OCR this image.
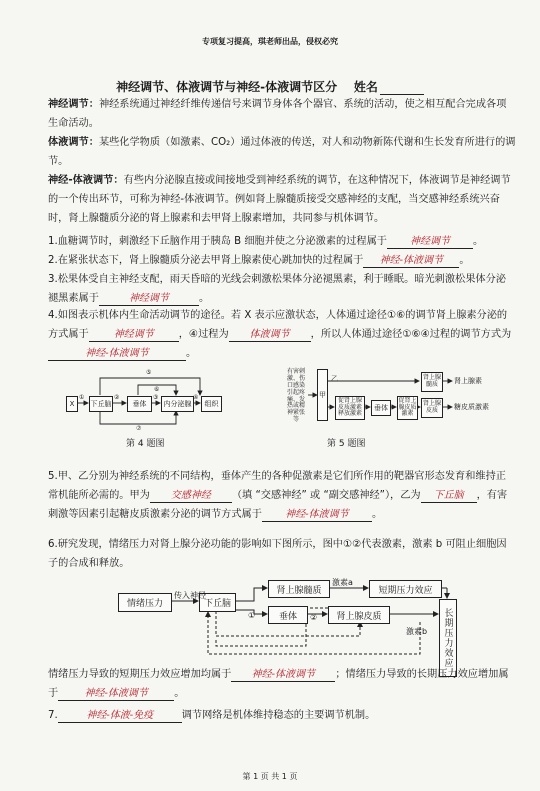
专项复习提高，琪老师出品，侵权必究
神经调节、体液调节与神经-体液调节区分 姓名
神经调节：神经系统通过神经纤维传递信号来调节身体各个器官、系统的活动，使之相互配合完成各项生命活动。
体液调节：某些化学物质（如激素、CO₂）通过体液的传送，对人和动物新陈代谢和生长发育所进行的调节。
神经-体液调节：有些内分泌腺直接或间接地受到神经系统的调节，在这种情况下，体液调节是神经调节的一个传出环节，可称为神经-体液调节。例如肾上腺髓质接受交感神经的支配，当交感神经系统兴奋时，肾上腺髓质分泌的肾上腺素和去甲肾上腺素增加，共同参与机体调节。
1.血糖调节时，刺激经下丘脑作用于胰岛 B 细胞并使之分泌激素的过程属于 神经调节 。
2.在紧张状态下，肾上腺髓质分泌去甲肾上腺素使心跳加快的过程属于 神经-体液调节 。
3.松果体受自主神经支配，雨天昏暗的光线会刺激松果体分泌褪黑素，利于睡眠。暗光刺激松果体分泌褪黑素属于	神经调节	。
4.如图表示机体内生命活动调节的途径。若 X 表示应激状态，人体通过途径①⑥的调节肾上腺素分泌的方式属于	神经调节 ，④过程为 体液调节 ，所以人体通过途径①⑥④过程的调节方式为神经-体液调节	。
X	下丘脑	垂体	内分泌腺	组织
①	②	③	④
⑤
⑥
⑦
第 4 题图
有害刺激、伤口感染引起疼痛、发热或精神紧张等
甲
促肾上腺皮质激素释放激素
垂体
促肾上腺皮质激素
肾上腺髓质
肾上腺皮质
乙	肾上腺素
糖皮质激素
第 5 题图
5.甲、乙分别为神经系统的不同结构，垂体产生的各种促激素是它们所作用的靶器官形态发育和维持正常机能所必需的。甲为 交感神经 （填 “交感神经” 或 “副交感神经”），乙为 下丘脑 ，有害刺激等因素引起糖皮质激素分泌的调节方式属于 神经-体液调节 。
6.研究发现，情绪压力对肾上腺分泌功能的影响如下图所示，图中①②代表激素，激素 b 可阻止细胞因子的合成和释放。
情绪压力	下丘脑
肾上腺髓质	短期压力效应
垂体	肾上腺皮质	长期压力效应
传入神经
激素a
激素b
①	②
情绪压力导致的短期压力效应增加均属于 神经-体液调节 ；情绪压力导致的长期压力效应增加属于	神经-体液调节	。
7.	神经-体液-免疫	调节网络是机体维持稳态的主要调节机制。
第 1 页 共 1 页
